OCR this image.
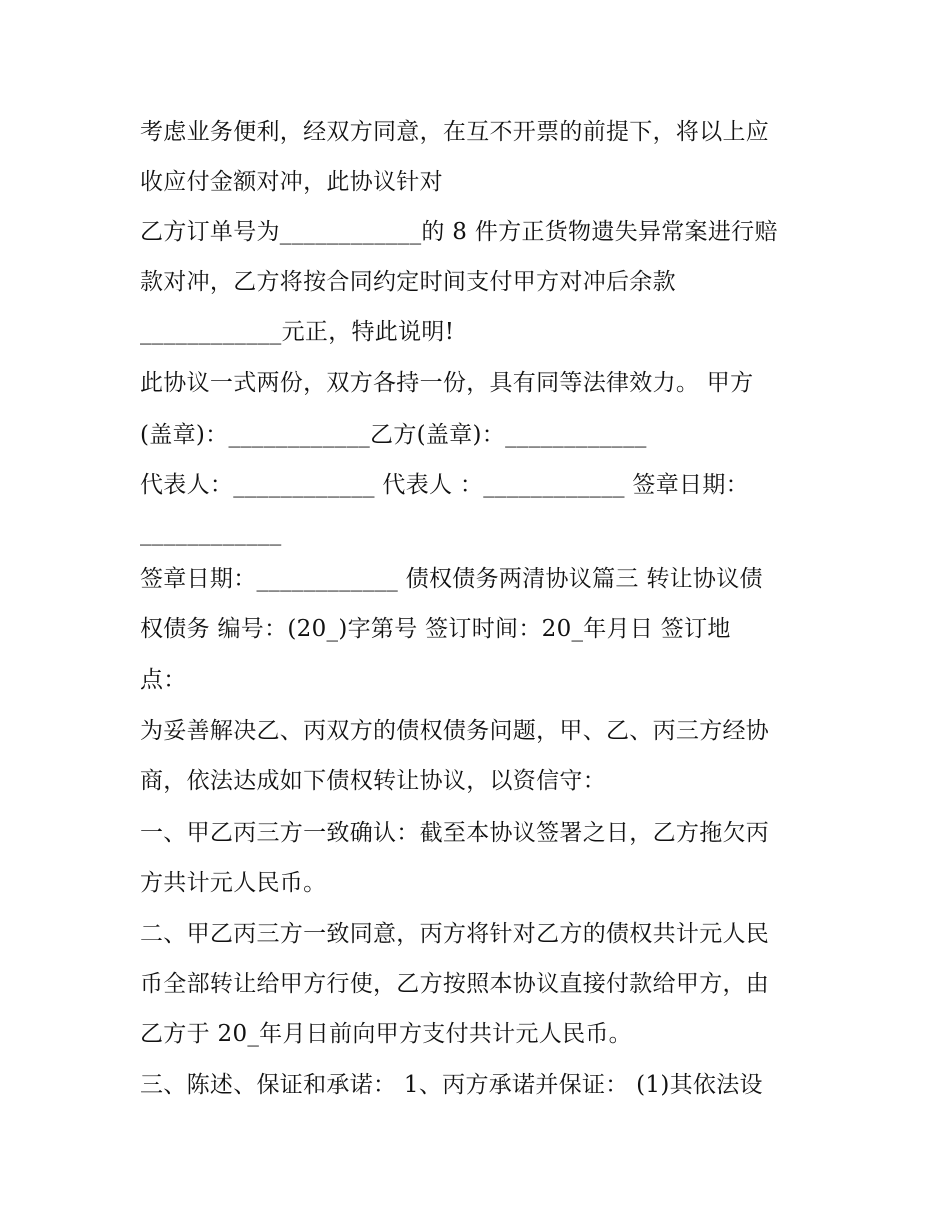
考虑业务便利，经双方同意，在互不开票的前提下，将以上应
收应付金额对冲，此协议针对
乙方订单号为____________的 8 件方正货物遗失异常案进行赔
款对冲，乙方将按合同约定时间支付甲方对冲后余款
____________元正，特此说明!
此协议一式两份，双方各持一份，具有同等法律效力。 甲方
(盖章)：____________乙方(盖章)：____________
代表人：____________ 代表人 ：____________ 签章日期：
____________
签章日期：____________ 债权债务两清协议篇三 转让协议债
权债务 编号：(20_)字第号 签订时间：20_年月日 签订地
点：
为妥善解决乙、丙双方的债权债务问题，甲、乙、丙三方经协
商，依法达成如下债权转让协议，以资信守：
一、甲乙丙三方一致确认：截至本协议签署之日，乙方拖欠丙
方共计元人民币。
二、甲乙丙三方一致同意，丙方将针对乙方的债权共计元人民
币全部转让给甲方行使，乙方按照本协议直接付款给甲方，由
乙方于 20_年月日前向甲方支付共计元人民币。
三、陈述、保证和承诺： 1、丙方承诺并保证： (1)其依法设
